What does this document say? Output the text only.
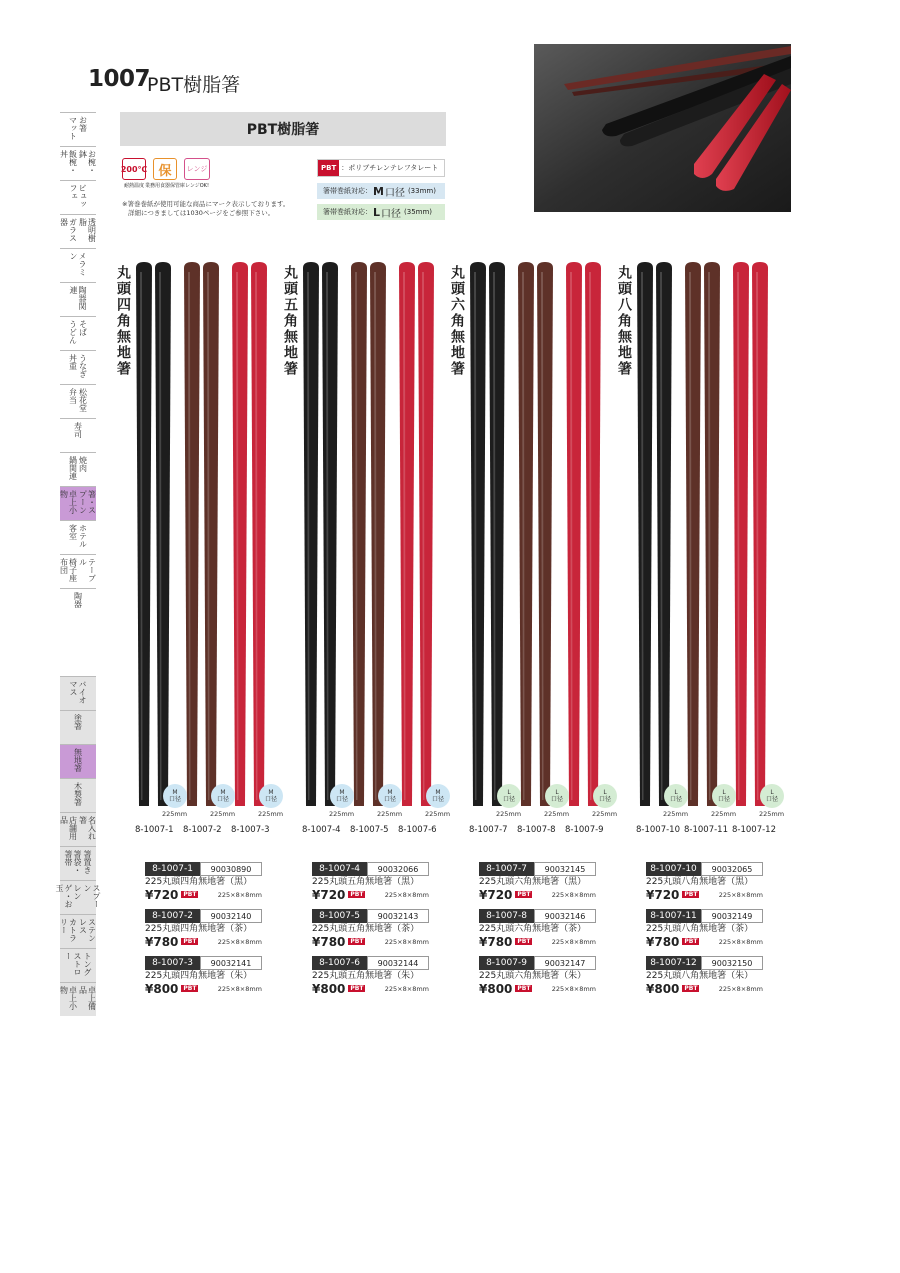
1007
PBT樹脂箸
お箸
マット
お椀・鉢
飯椀・丼
ビュッフェ
透明樹脂
ガラス器
メラミン
陶器関連
そば
うどん
うなぎ
丼重
松花堂
弁当
寿司
焼肉
鍋関連
箸・スプーン
卓上小物
ホテル
客室
テーブル
椅子座布団
陶器
バイオマス
塗箸
無地箸
木製箸
名入れ箸
店舗用品
箸置き
箸袋・箸帯
スプーン
レンゲ・お玉
ステンレス
カトラリー
トング
ストロー
卓上備品
卓上小物
PBT樹脂箸
200℃
耐熱温度
保
業務用食器保管庫
レンジ
レンジOK!
※箸巻巻紙が使用可能な商品にマーク表示しております。
詳細につきましては1030ページをご参照下さい。
PBT ：ポリブチレンテレフタレート
箸帯巻紙対応： M 口径 (33mm)
箸帯巻紙対応： L 口径 (35mm)
丸頭四角無地箸	丸頭五角無地箸	丸頭六角無地箸	丸頭八角無地箸
M
口径
225mm
8-1007-1
M
口径
225mm
8-1007-2
M
口径
225mm
8-1007-3
M
口径
225mm
8-1007-4
M
口径
225mm
8-1007-5
M
口径
225mm
8-1007-6
L
口径
225mm
8-1007-7
L
口径
225mm
8-1007-8
L
口径
225mm
8-1007-9
L
口径
225mm
8-1007-10
L
口径
225mm
8-1007-11
L
口径
225mm
8-1007-12
8-1007-1	90030890
225丸頭四角無地箸（黒）
¥720 PBT	225×8×8mm
8-1007-2	90032140
225丸頭四角無地箸（茶）
¥780 PBT	225×8×8mm
8-1007-3	90032141
225丸頭四角無地箸（朱）
¥800 PBT	225×8×8mm
8-1007-4	90032066
225丸頭五角無地箸（黒）
¥720 PBT	225×8×8mm
8-1007-5	90032143
225丸頭五角無地箸（茶）
¥780 PBT	225×8×8mm
8-1007-6	90032144
225丸頭五角無地箸（朱）
¥800 PBT	225×8×8mm
8-1007-7	90032145
225丸頭六角無地箸（黒）
¥720 PBT	225×8×8mm
8-1007-8	90032146
225丸頭六角無地箸（茶）
¥780 PBT	225×8×8mm
8-1007-9	90032147
225丸頭六角無地箸（朱）
¥800 PBT	225×8×8mm
8-1007-10	90032065
225丸頭八角無地箸（黒）
¥720 PBT	225×8×8mm
8-1007-11	90032149
225丸頭八角無地箸（茶）
¥780 PBT	225×8×8mm
8-1007-12	90032150
225丸頭八角無地箸（朱）
¥800 PBT	225×8×8mm
